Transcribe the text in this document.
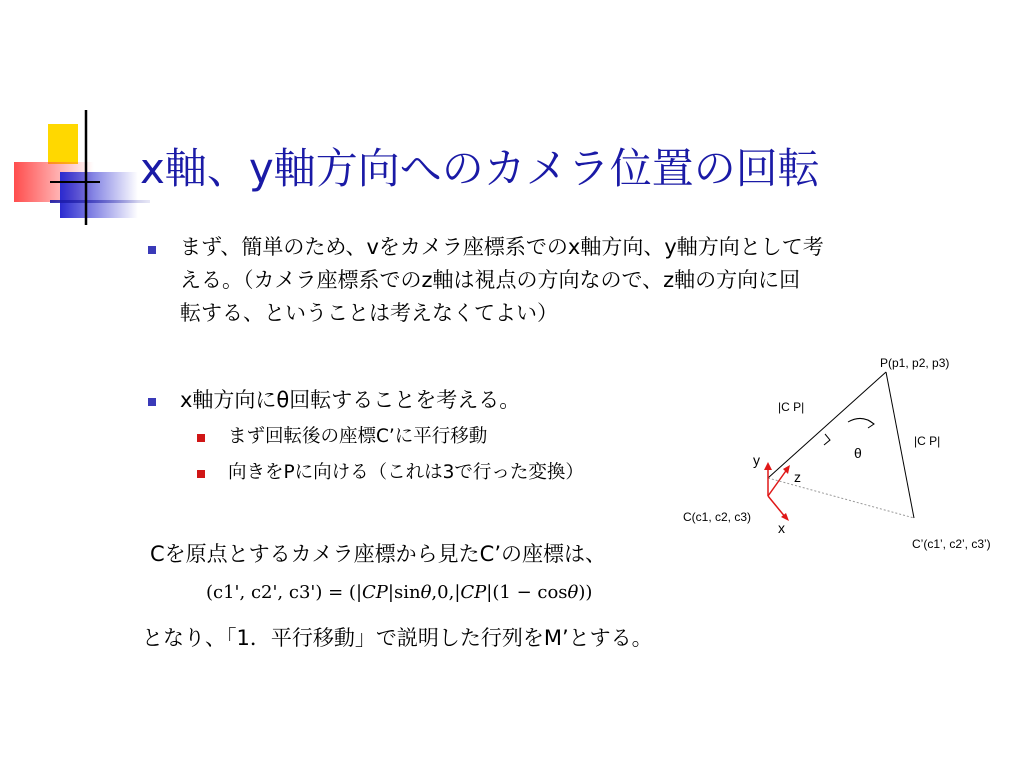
x軸、y軸方向へのカメラ位置の回転
まず、簡単のため、vをカメラ座標系でのx軸方向、y軸方向として考
える。（カメラ座標系でのz軸は視点の方向なので、z軸の方向に回
転する、ということは考えなくてよい）
x軸方向にθ回転することを考える。
まず回転後の座標C’に平行移動
向きをPに向ける（これは3で行った変換）
Cを原点とするカメラ座標から見たC’の座標は、
(c1', c2', c3') = (|CP|sinθ,0,|CP|(1 − cosθ))
となり、「1．平行移動」で説明した行列をM’とする。
P(p1, p2, p3)
|C P|
|C P|
θ
y
z
x
C(c1, c2, c3)
C’(c1’, c2’, c3’)
